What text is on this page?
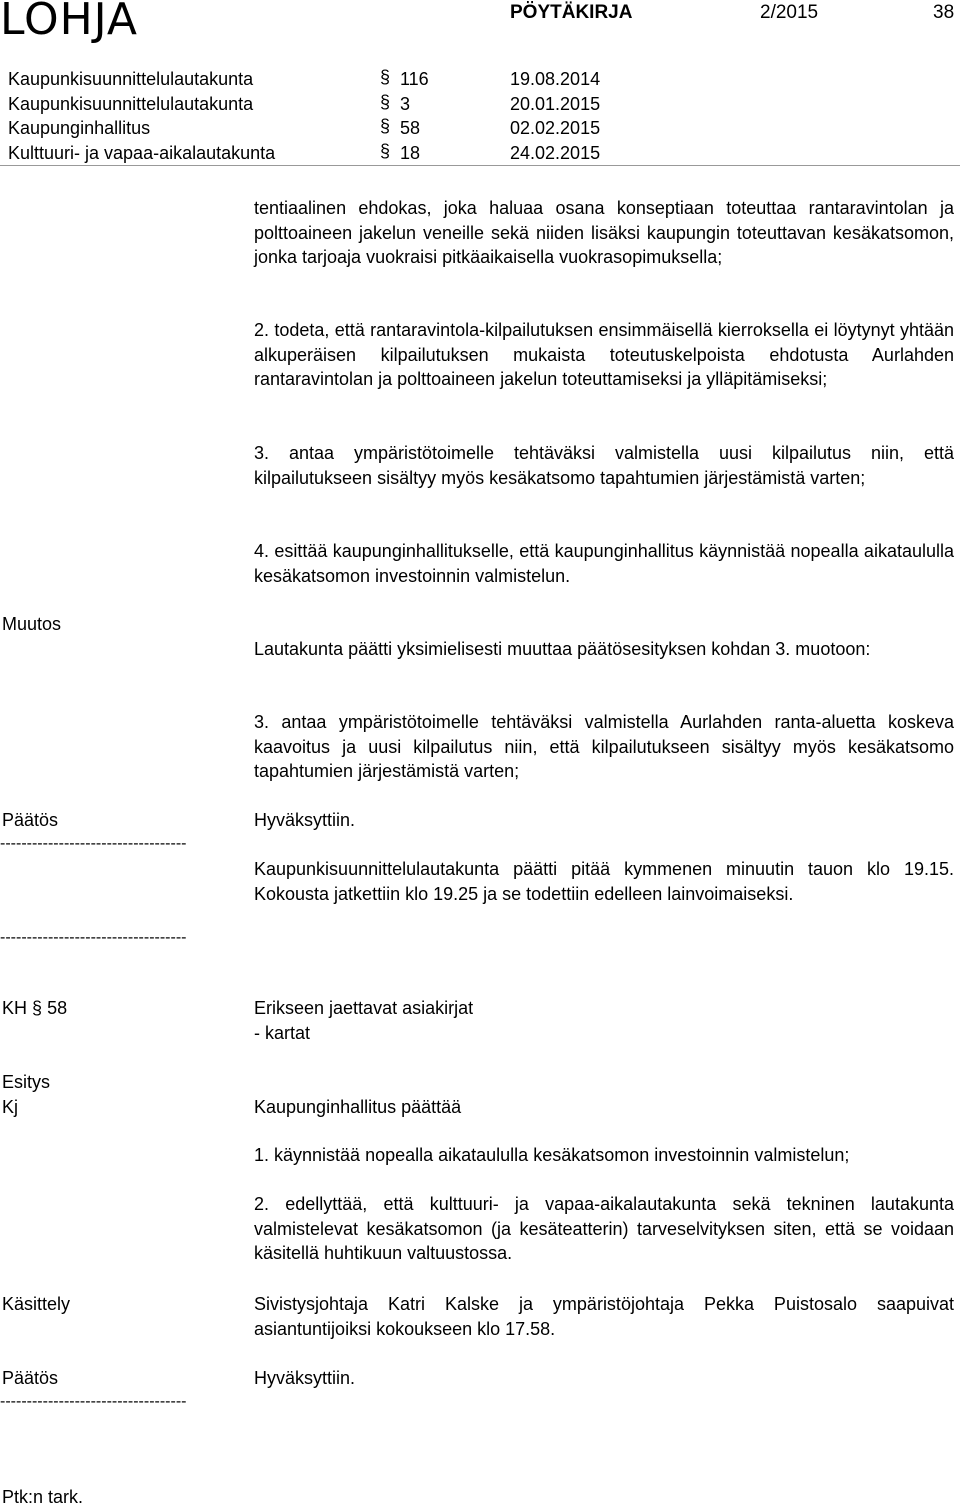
LOHJA	PÖYTÄKIRJA	2/2015	38
Kaupunkisuunnittelulautakunta	§ 116	19.08.2014
Kaupunkisuunnittelulautakunta	§ 3	20.01.2015
Kaupunginhallitus	§ 58	02.02.2015
Kulttuuri- ja vapaa-aikalautakunta	§ 18	24.02.2015
tentiaalinen ehdokas, joka haluaa osana konseptiaan toteuttaa rantaravintolan ja polttoaineen jakelun veneille sekä niiden lisäksi kaupungin toteuttavan kesäkatsomon, jonka tarjoaja vuokraisi pitkäaikaisella vuokrasopimuksella;
2. todeta, että rantaravintola-kilpailutuksen ensimmäisellä kierroksella ei löytynyt yhtään alkuperäisen kilpailutuksen mukaista toteutuskelpoista ehdotusta Aurlahden rantaravintolan ja polttoaineen jakelun toteuttamiseksi ja ylläpitämiseksi;
3. antaa ympäristötoimelle tehtäväksi valmistella uusi kilpailutus niin, että kilpailutukseen sisältyy myös kesäkatsomo tapahtumien järjestämistä varten;
4. esittää kaupunginhallitukselle, että kaupunginhallitus käynnistää nopealla aikataululla kesäkatsomon investoinnin valmistelun.
Muutos
Lautakunta päätti yksimielisesti muuttaa päätösesityksen kohdan 3. muotoon:
3. antaa ympäristötoimelle tehtäväksi valmistella Aurlahden ranta-aluetta koskeva kaavoitus ja uusi kilpailutus niin, että kilpailutukseen sisältyy myös kesäkatsomo tapahtumien järjestämistä varten;
Päätös	Hyväksyttiin.
-----------------------------------
Kaupunkisuunnittelulautakunta päätti pitää kymmenen minuutin tauon klo 19.15. Kokousta jatkettiin klo 19.25 ja se todettiin edelleen lainvoimaiseksi.
-----------------------------------
KH § 58	Erikseen jaettavat asiakirjat
- kartat
Esitys
Kj	Kaupunginhallitus päättää
1. käynnistää nopealla aikataululla kesäkatsomon investoinnin valmistelun;
2. edellyttää, että kulttuuri- ja vapaa-aikalautakunta sekä tekninen lautakunta valmistelevat kesäkatsomon (ja kesäteatterin) tarveselvityksen siten, että se voidaan käsitellä huhtikuun valtuustossa.
Käsittely	Sivistysjohtaja Katri Kalske ja ympäristöjohtaja Pekka Puistosalo saapuivat asiantuntijoiksi kokoukseen klo 17.58.
Päätös	Hyväksyttiin.
-----------------------------------
Ptk:n tark.
